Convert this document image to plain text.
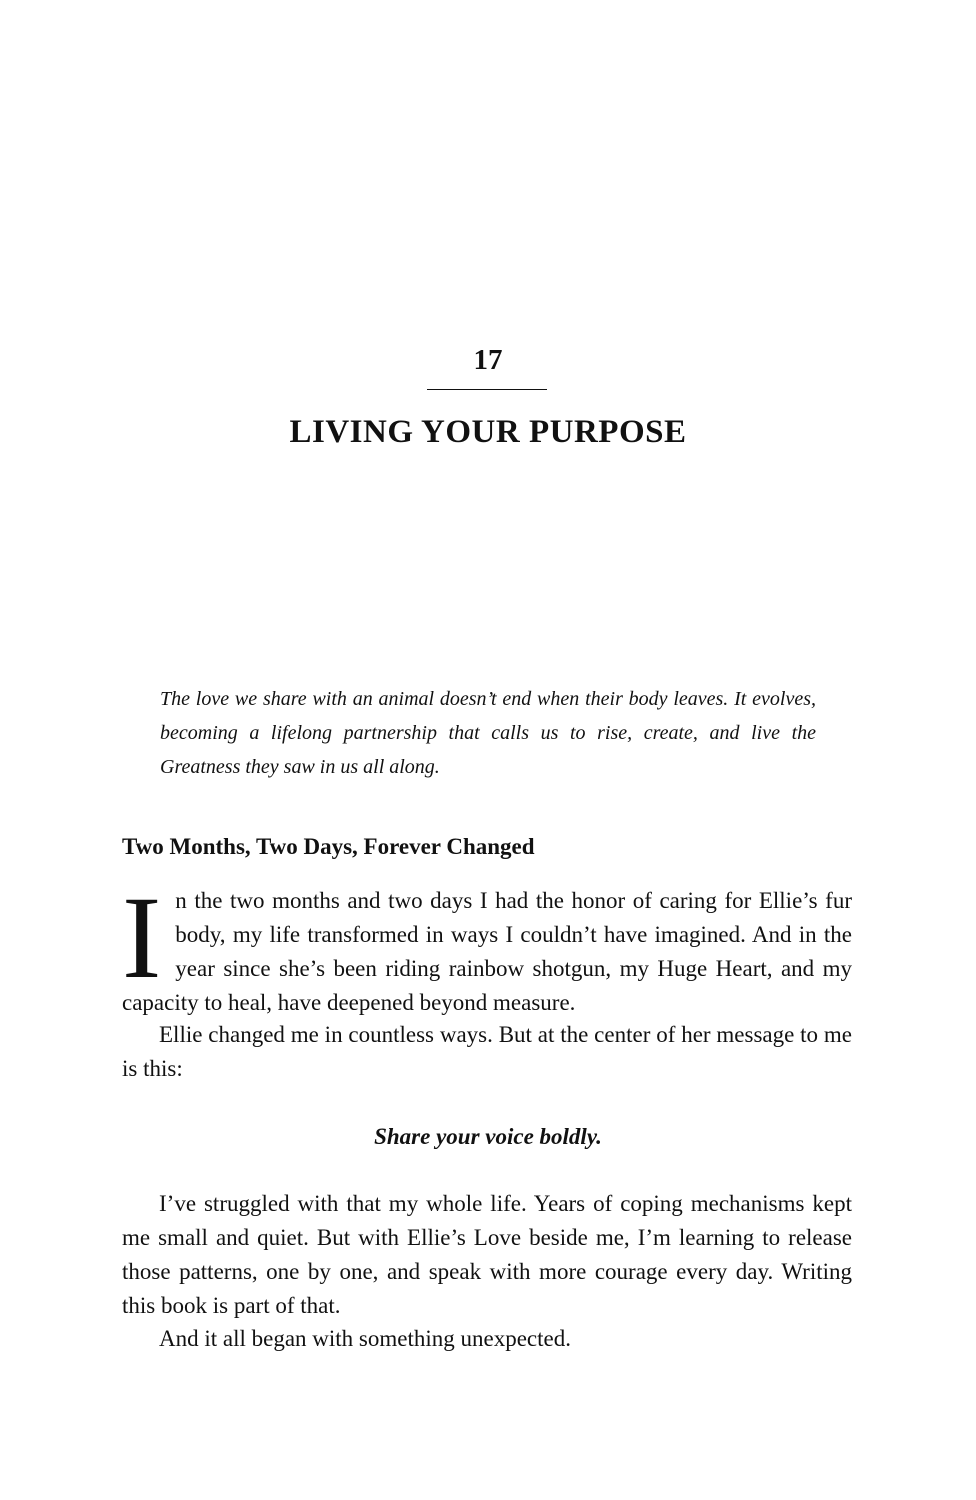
17
LIVING YOUR PURPOSE

The love we share with an animal doesn’t end when their body leaves. It evolves, becoming a lifelong partnership that calls us to rise, create, and live the Greatness they saw in us all along.

Two Months, Two Days, Forever Changed

In the two months and two days I had the honor of caring for Ellie’s fur body, my life transformed in ways I couldn’t have imagined. And in the year since she’s been riding rainbow shotgun, my Huge Heart, and my capacity to heal, have deepened beyond measure.

Ellie changed me in countless ways. But at the center of her message to me is this:

Share your voice boldly.

I’ve struggled with that my whole life. Years of coping mechanisms kept me small and quiet. But with Ellie’s Love beside me, I’m learning to release those patterns, one by one, and speak with more courage every day. Writing this book is part of that.

And it all began with something unexpected.
